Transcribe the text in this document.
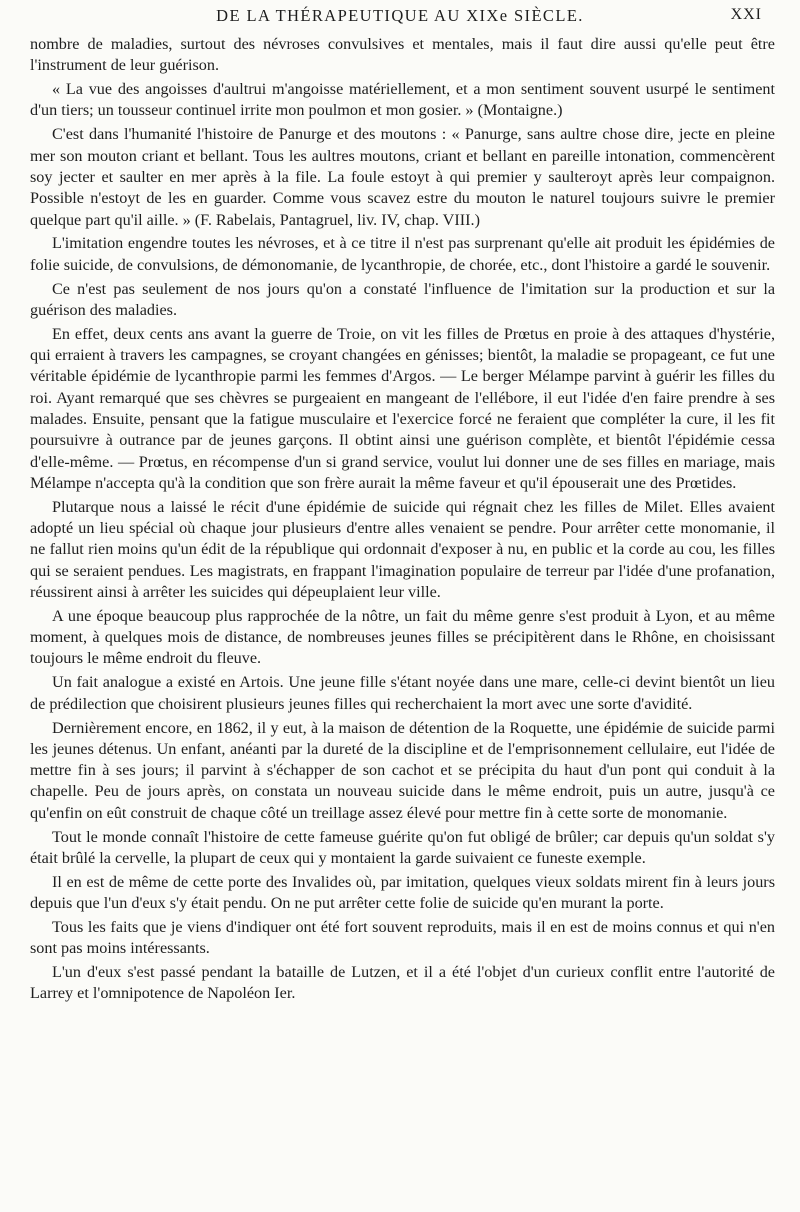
DE LA THÉRAPEUTIQUE AU XIXe SIÈCLE.	XXI

nombre de maladies, surtout des névroses convulsives et mentales, mais il faut dire aussi qu'elle peut être l'instrument de leur guérison.

« La vue des angoisses d'aultrui m'angoisse matériellement, et a mon sentiment souvent usurpé le sentiment d'un tiers; un tousseur continuel irrite mon poulmon et mon gosier. » (Montaigne.)

C'est dans l'humanité l'histoire de Panurge et des moutons : « Panurge, sans aultre chose dire, jecte en pleine mer son mouton criant et bellant. Tous les aultres moutons, criant et bellant en pareille intonation, commencèrent soy jecter et saulter en mer après à la file. La foule estoyt à qui premier y saulteroyt après leur compaignon. Possible n'estoyt de les en guarder. Comme vous scavez estre du mouton le naturel toujours suivre le premier quelque part qu'il aille. » (F. Rabelais, Pantagruel, liv. IV, chap. VIII.)

L'imitation engendre toutes les névroses, et à ce titre il n'est pas surprenant qu'elle ait produit les épidémies de folie suicide, de convulsions, de démonomanie, de lycanthropie, de chorée, etc., dont l'histoire a gardé le souvenir.

Ce n'est pas seulement de nos jours qu'on a constaté l'influence de l'imitation sur la production et sur la guérison des maladies.

En effet, deux cents ans avant la guerre de Troie, on vit les filles de Prœtus en proie à des attaques d'hystérie, qui erraient à travers les campagnes, se croyant changées en génisses; bientôt, la maladie se propageant, ce fut une véritable épidémie de lycanthropie parmi les femmes d'Argos. — Le berger Mélampe parvint à guérir les filles du roi. Ayant remarqué que ses chèvres se purgeaient en mangeant de l'ellébore, il eut l'idée d'en faire prendre à ses malades. Ensuite, pensant que la fatigue musculaire et l'exercice forcé ne feraient que compléter la cure, il les fit poursuivre à outrance par de jeunes garçons. Il obtint ainsi une guérison complète, et bientôt l'épidémie cessa d'elle-même. — Prœtus, en récompense d'un si grand service, voulut lui donner une de ses filles en mariage, mais Mélampe n'accepta qu'à la condition que son frère aurait la même faveur et qu'il épouserait une des Prœtides.

Plutarque nous a laissé le récit d'une épidémie de suicide qui régnait chez les filles de Milet. Elles avaient adopté un lieu spécial où chaque jour plusieurs d'entre alles venaient se pendre. Pour arrêter cette monomanie, il ne fallut rien moins qu'un édit de la république qui ordonnait d'exposer à nu, en public et la corde au cou, les filles qui se seraient pendues. Les magistrats, en frappant l'imagination populaire de terreur par l'idée d'une profanation, réussirent ainsi à arrêter les suicides qui dépeuplaient leur ville.

A une époque beaucoup plus rapprochée de la nôtre, un fait du même genre s'est produit à Lyon, et au même moment, à quelques mois de distance, de nombreuses jeunes filles se précipitèrent dans le Rhône, en choisissant toujours le même endroit du fleuve.

Un fait analogue a existé en Artois. Une jeune fille s'étant noyée dans une mare, celle-ci devint bientôt un lieu de prédilection que choisirent plusieurs jeunes filles qui recherchaient la mort avec une sorte d'avidité.

Dernièrement encore, en 1862, il y eut, à la maison de détention de la Roquette, une épidémie de suicide parmi les jeunes détenus. Un enfant, anéanti par la dureté de la discipline et de l'emprisonnement cellulaire, eut l'idée de mettre fin à ses jours; il parvint à s'échapper de son cachot et se précipita du haut d'un pont qui conduit à la chapelle. Peu de jours après, on constata un nouveau suicide dans le même endroit, puis un autre, jusqu'à ce qu'enfin on eût construit de chaque côté un treillage assez élevé pour mettre fin à cette sorte de monomanie.

Tout le monde connaît l'histoire de cette fameuse guérite qu'on fut obligé de brûler; car depuis qu'un soldat s'y était brûlé la cervelle, la plupart de ceux qui y montaient la garde suivaient ce funeste exemple.

Il en est de même de cette porte des Invalides où, par imitation, quelques vieux soldats mirent fin à leurs jours depuis que l'un d'eux s'y était pendu. On ne put arrêter cette folie de suicide qu'en murant la porte.

Tous les faits que je viens d'indiquer ont été fort souvent reproduits, mais il en est de moins connus et qui n'en sont pas moins intéressants.

L'un d'eux s'est passé pendant la bataille de Lutzen, et il a été l'objet d'un curieux conflit entre l'autorité de Larrey et l'omnipotence de Napoléon Ier.
